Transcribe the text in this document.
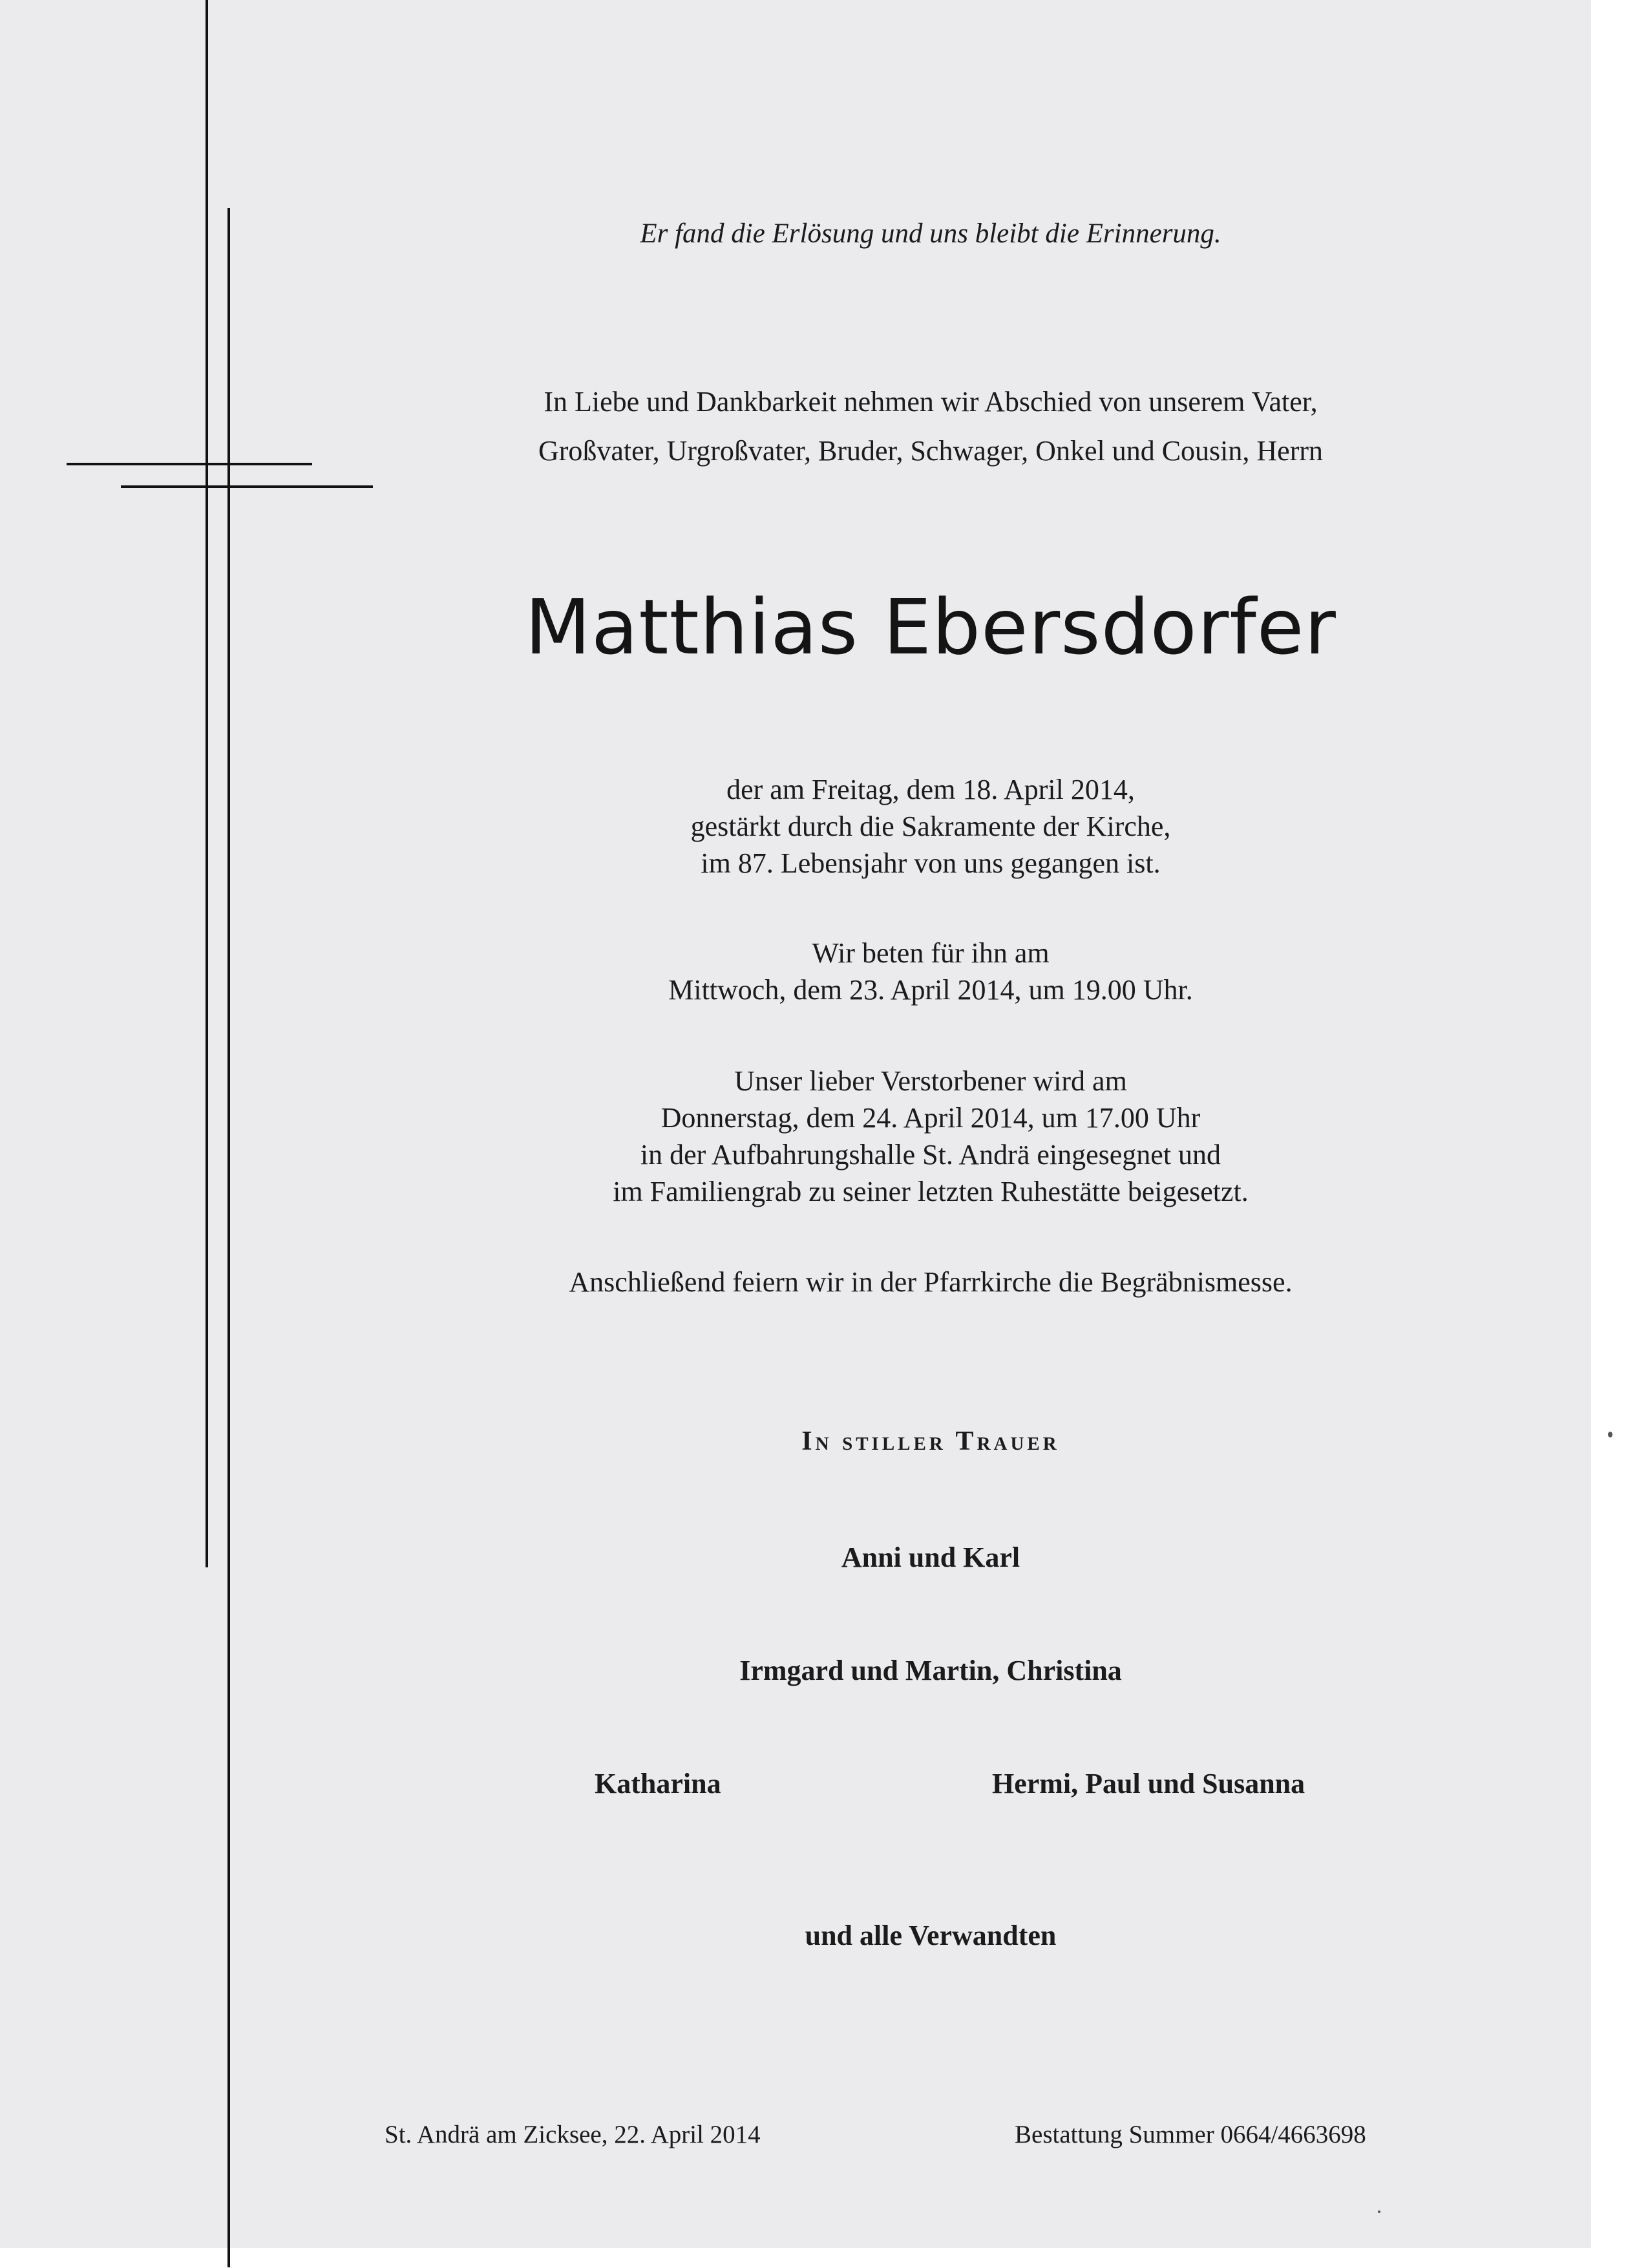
Er fand die Erlösung und uns bleibt die Erinnerung.
In Liebe und Dankbarkeit nehmen wir Abschied von unserem Vater,
Großvater, Urgroßvater, Bruder, Schwager, Onkel und Cousin, Herrn
Matthias Ebersdorfer
der am Freitag, dem 18. April 2014,
gestärkt durch die Sakramente der Kirche,
im 87. Lebensjahr von uns gegangen ist.
Wir beten für ihn am
Mittwoch, dem 23. April 2014, um 19.00 Uhr.
Unser lieber Verstorbener wird am
Donnerstag, dem 24. April 2014, um 17.00 Uhr
in der Aufbahrungshalle St. Andrä eingesegnet und
im Familiengrab zu seiner letzten Ruhestätte beigesetzt.
Anschließend feiern wir in der Pfarrkirche die Begräbnismesse.
In stiller Trauer
Anni und Karl
Irmgard und Martin, Christina
Katharina	Hermi, Paul und Susanna
und alle Verwandten
St. Andrä am Zicksee, 22. April 2014	Bestattung Summer 0664/4663698
